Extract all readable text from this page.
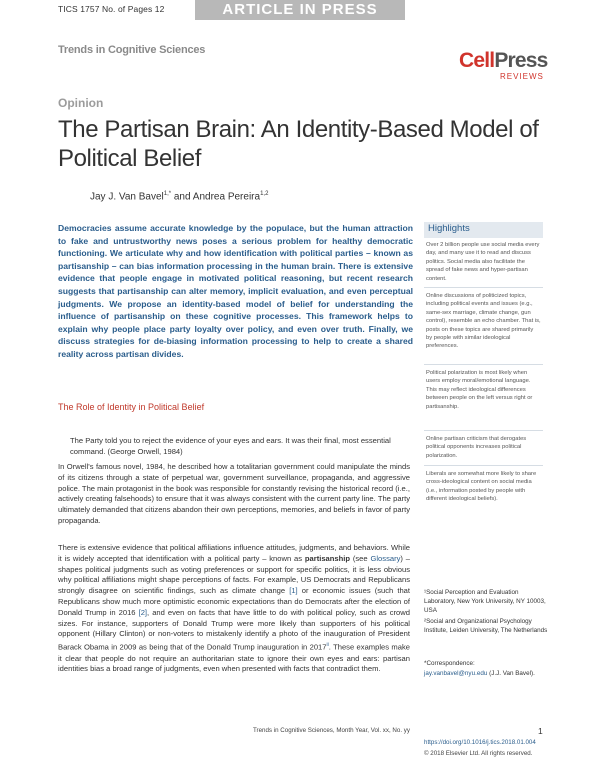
TICS 1757 No. of Pages 12	ARTICLE IN PRESS
Trends in Cognitive Sciences	CellPress
REVIEWS
Opinion
The Partisan Brain: An Identity-Based Model of Political Belief
Jay J. Van Bavel$^{1,*}$ and Andrea Pereira$^{1,2}$
Democracies assume accurate knowledge by the populace, but the human attraction to fake and untrustworthy news poses a serious problem for healthy democratic functioning. We articulate why and how identification with political parties – known as partisanship – can bias information processing in the human brain. There is extensive evidence that people engage in motivated political reasoning, but recent research suggests that partisanship can alter memory, implicit evaluation, and even perceptual judgments. We propose an identity-based model of belief for understanding the influence of partisanship on these cognitive processes. This framework helps to explain why people place party loyalty over policy, and even over truth. Finally, we discuss strategies for de-biasing information processing to help to create a shared reality across partisan divides.
Highlights
Over 2 billion people use social media every day, and many use it to read and discuss politics. Social media also facilitate the spread of fake news and hyper-partisan content.
Online discussions of politicized topics, including political events and issues (e.g., same-sex marriage, climate change, gun control), resemble an echo chamber. That is, posts on these topics are shared primarily by people with similar ideological preferences.
Political polarization is most likely when users employ moral/emotional language. This may reflect ideological differences between people on the left versus right or partisanship.
Online partisan criticism that derogates political opponents increases political polarization.
Liberals are somewhat more likely to share cross-ideological content on social media (i.e., information posted by people with different ideological beliefs).
The Role of Identity in Political Belief
The Party told you to reject the evidence of your eyes and ears. It was their final, most essential command. (George Orwell, 1984)
In Orwell's famous novel, 1984, he described how a totalitarian government could manipulate the minds of its citizens through a state of perpetual war, government surveillance, propaganda, and aggressive police. The main protagonist in the book was responsible for constantly revising the historical record (i.e., actively creating falsehoods) to ensure that it was always consistent with the current party line. The party ultimately demanded that citizens abandon their own perceptions, memories, and beliefs in favor of party propaganda.
There is extensive evidence that political affiliations influence attitudes, judgments, and behaviors. While it is widely accepted that identification with a political party – known as partisanship (see Glossary) – shapes political judgments such as voting preferences or support for specific politics, it is less obvious why political affiliations might shape perceptions of facts. For example, US Democrats and Republicans strongly disagree on scientific findings, such as climate change [1] or economic issues (such that Republicans show much more optimistic economic expectations than do Democrats after the election of Donald Trump in 2016 [2], and even on facts that have little to do with political policy, such as crowd sizes. For instance, supporters of Donald Trump were more likely than supporters of his political opponent (Hillary Clinton) or non-voters to mistakenly identify a photo of the inauguration of President Barack Obama in 2009 as being that of the Donald Trump inauguration in 2017$^{ii}$. These examples make it clear that people do not require an authoritarian state to ignore their own eyes and ears: partisan identities bias a broad range of judgments, even when presented with facts that contradict them.
¹Social Perception and Evaluation Laboratory, New York University, NY 10003, USA
²Social and Organizational Psychology Institute, Leiden University, The Netherlands
*Correspondence:
jay.vanbavel@nyu.edu (J.J. Van Bavel).
Trends in Cognitive Sciences, Month Year, Vol. xx, No. yy	1
https://doi.org/10.1016/j.tics.2018.01.004
© 2018 Elsevier Ltd. All rights reserved.
